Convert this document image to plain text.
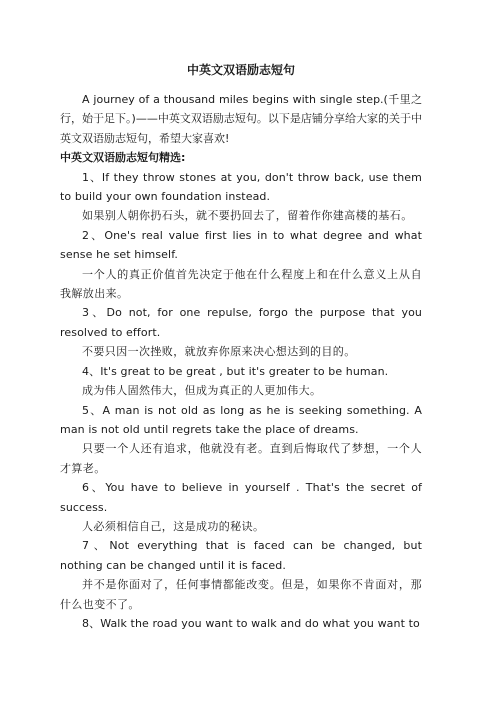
中英文双语励志短句

A journey of a thousand miles begins with single step.(千里之行，始于足下。)——中英文双语励志短句。以下是店铺分享给大家的关于中英文双语励志短句，希望大家喜欢!

中英文双语励志短句精选:

1、If they throw stones at you, don't throw back, use them to build your own foundation instead.

如果别人朝你扔石头，就不要扔回去了，留着作你建高楼的基石。

2、One's real value first lies in to what degree and what sense he set himself.

一个人的真正价值首先决定于他在什么程度上和在什么意义上从自我解放出来。

3、Do not, for one repulse, forgo the purpose that you resolved to effort.

不要只因一次挫败，就放弃你原来决心想达到的目的。

4、It's great to be great , but it's greater to be human.

成为伟人固然伟大，但成为真正的人更加伟大。

5、A man is not old as long as he is seeking something. A man is not old until regrets take the place of dreams.

只要一个人还有追求，他就没有老。直到后悔取代了梦想，一个人才算老。

6、You have to believe in yourself . That's the secret of success.

人必须相信自己，这是成功的秘诀。

7、Not everything that is faced can be changed, but nothing can be changed until it is faced.

并不是你面对了，任何事情都能改变。但是，如果你不肯面对，那什么也变不了。

8、Walk the road you want to walk and do what you want to
